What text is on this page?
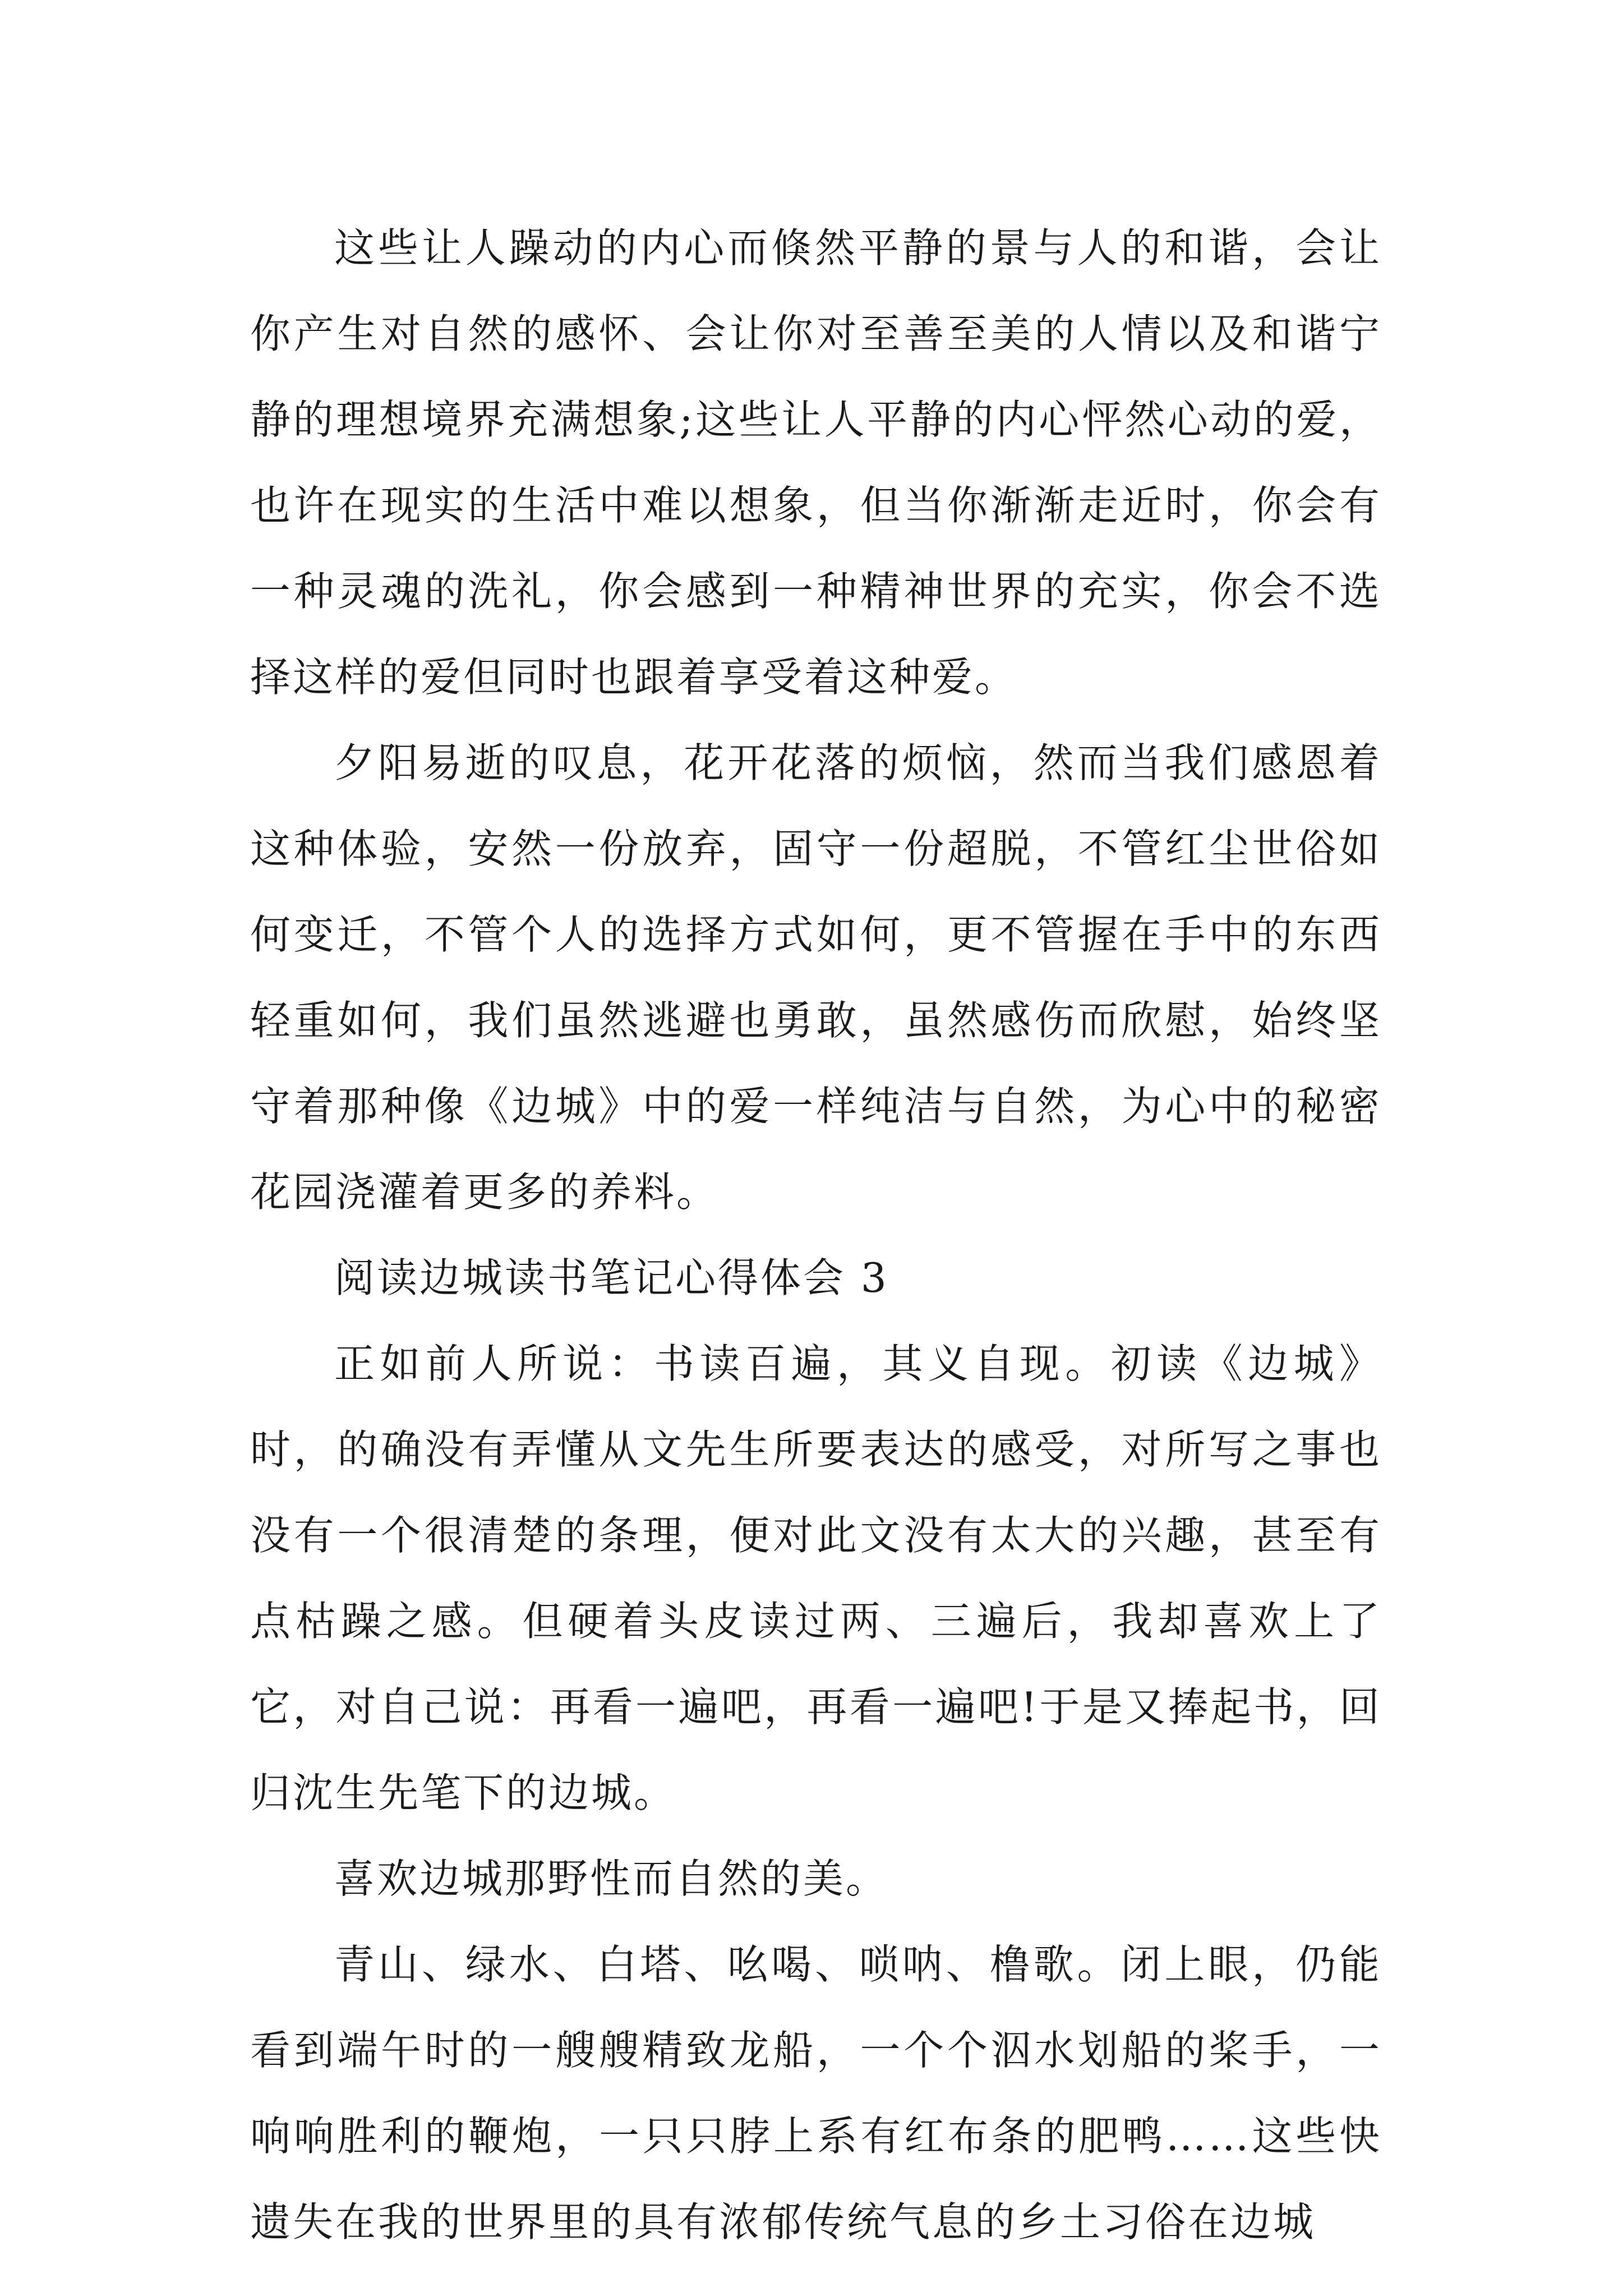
这些让人躁动的内心而倏然平静的景与人的和谐，会让你产生对自然的感怀、会让你对至善至美的人情以及和谐宁静的理想境界充满想象;这些让人平静的内心怦然心动的爱，也许在现实的生活中难以想象，但当你渐渐走近时，你会有一种灵魂的洗礼，你会感到一种精神世界的充实，你会不选择这样的爱但同时也跟着享受着这种爱。

夕阳易逝的叹息，花开花落的烦恼，然而当我们感恩着这种体验，安然一份放弃，固守一份超脱，不管红尘世俗如何变迁，不管个人的选择方式如何，更不管握在手中的东西轻重如何，我们虽然逃避也勇敢，虽然感伤而欣慰，始终坚守着那种像《边城》中的爱一样纯洁与自然，为心中的秘密花园浇灌着更多的养料。

阅读边城读书笔记心得体会 3

正如前人所说：书读百遍，其义自现。初读《边城》时，的确没有弄懂从文先生所要表达的感受，对所写之事也没有一个很清楚的条理，便对此文没有太大的兴趣，甚至有点枯躁之感。但硬着头皮读过两、三遍后，我却喜欢上了它，对自己说：再看一遍吧，再看一遍吧!于是又捧起书，回归沈生先笔下的边城。

喜欢边城那野性而自然的美。

青山、绿水、白塔、吆喝、唢呐、橹歌。闭上眼，仍能看到端午时的一艘艘精致龙船，一个个泅水划船的桨手，一响响胜利的鞭炮，一只只脖上系有红布条的肥鸭……这些快遗失在我的世界里的具有浓郁传统气息的乡土习俗在边城
